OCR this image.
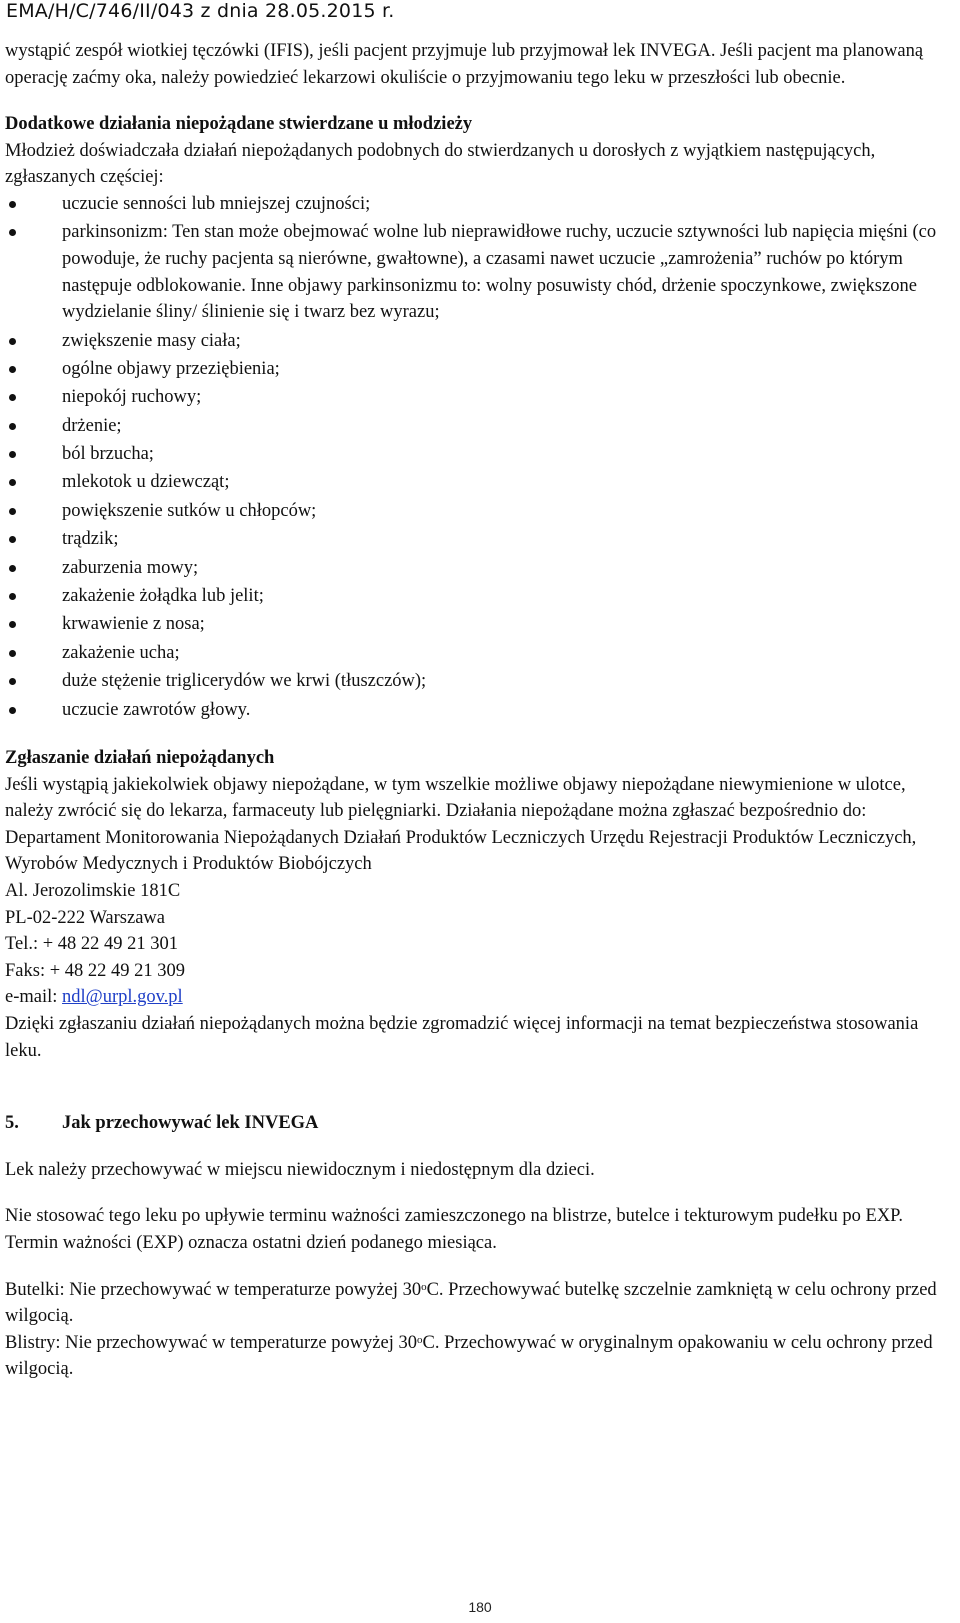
EMA/H/C/746/II/043 z dnia 28.05.2015 r.

wystąpić zespół wiotkiej tęczówki (IFIS), jeśli pacjent przyjmuje lub przyjmował lek INVEGA. Jeśli pacjent ma planowaną operację zaćmy oka, należy powiedzieć lekarzowi okuliście o przyjmowaniu tego leku w przeszłości lub obecnie.

Dodatkowe działania niepożądane stwierdzane u młodzieży

Młodzież doświadczała działań niepożądanych podobnych do stwierdzanych u dorosłych z wyjątkiem następujących, zgłaszanych częściej:

uczucie senności lub mniejszej czujności;
parkinsonizm: Ten stan może obejmować wolne lub nieprawidłowe ruchy, uczucie sztywności lub napięcia mięśni (co powoduje, że ruchy pacjenta są nierówne, gwałtowne), a czasami nawet uczucie „zamrożenia” ruchów po którym następuje odblokowanie. Inne objawy parkinsonizmu to: wolny posuwisty chód, drżenie spoczynkowe, zwiększone wydzielanie śliny/ ślinienie się i twarz bez wyrazu;
zwiększenie masy ciała;
ogólne objawy przeziębienia;
niepokój ruchowy;
drżenie;
ból brzucha;
mlekotok u dziewcząt;
powiększenie sutków u chłopców;
trądzik;
zaburzenia mowy;
zakażenie żołądka lub jelit;
krwawienie z nosa;
zakażenie ucha;
duże stężenie triglicerydów we krwi (tłuszczów);
uczucie zawrotów głowy.

Zgłaszanie działań niepożądanych

Jeśli wystąpią jakiekolwiek objawy niepożądane, w tym wszelkie możliwe objawy niepożądane niewymienione w ulotce, należy zwrócić się do lekarza, farmaceuty lub pielęgniarki. Działania niepożądane można zgłaszać bezpośrednio do:

Departament Monitorowania Niepożądanych Działań Produktów Leczniczych Urzędu Rejestracji Produktów Leczniczych, Wyrobów Medycznych i Produktów Biobójczych

Al. Jerozolimskie 181C

PL-02-222 Warszawa

Tel.: + 48 22 49 21 301

Faks: + 48 22 49 21 309

e-mail: ndl@urpl.gov.pl

Dzięki zgłaszaniu działań niepożądanych można będzie zgromadzić więcej informacji na temat bezpieczeństwa stosowania leku.

5.	Jak przechowywać lek INVEGA

Lek należy przechowywać w miejscu niewidocznym i niedostępnym dla dzieci.

Nie stosować tego leku po upływie terminu ważności zamieszczonego na blistrze, butelce i tekturowym pudełku po EXP. Termin ważności (EXP) oznacza ostatni dzień podanego miesiąca.

Butelki: Nie przechowywać w temperaturze powyżej 30$^o$C. Przechowywać butelkę szczelnie zamkniętą w celu ochrony przed wilgocią.

Blistry: Nie przechowywać w temperaturze powyżej 30$^o$C. Przechowywać w oryginalnym opakowaniu w celu ochrony przed wilgocią.

180
